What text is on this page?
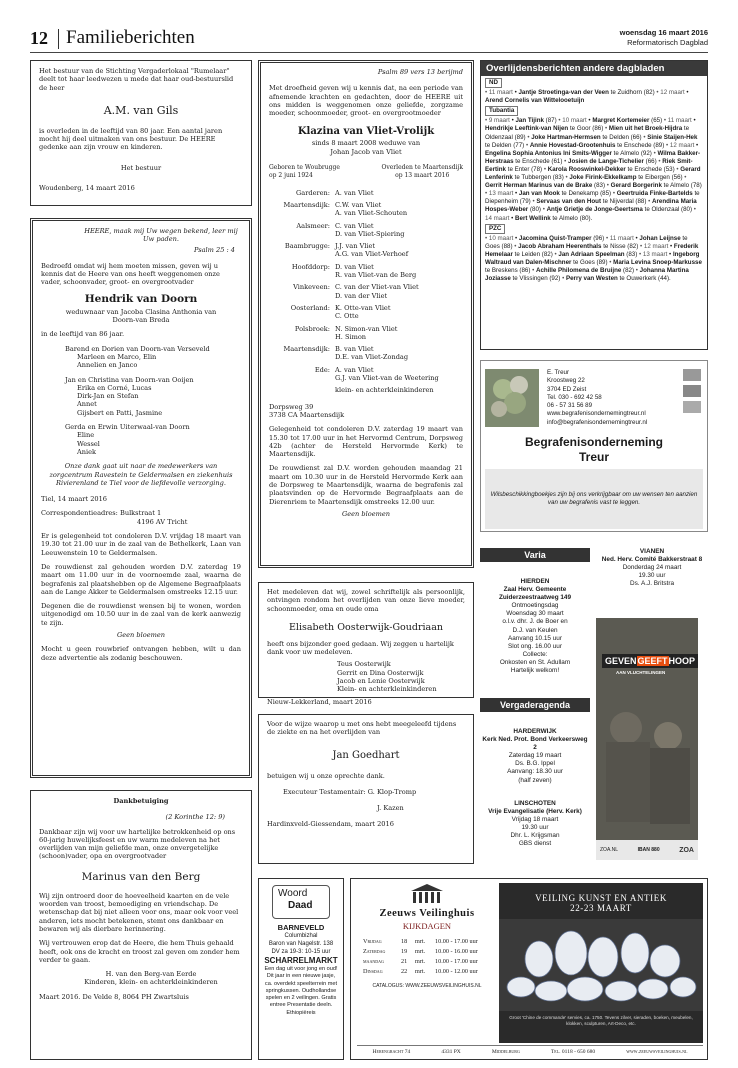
12 Familieberichten	woensdag 16 maart 2016
Reformatorisch Dagblad
Het bestuur van de Stichting Vergaderlokaal "Rumelaar" deelt tot haar leedwezen u mede dat haar oud-bestuurslid de heer
A.M. van Gils
is overleden in de leeftijd van 80 jaar. Een aantal jaren mocht hij deel uitmaken van ons bestuur. De HEERE gedenke aan zijn vrouw en kinderen.
Het bestuur
Woudenberg, 14 maart 2016
HEERE, maak mij Uw wegen bekend, leer mij Uw paden.
Psalm 25 : 4
Bedroefd omdat wij hem moeten missen, geven wij u kennis dat de Heere van ons heeft weggenomen onze vader, schoonvader, groot- en overgrootvader
Hendrik van Doorn
weduwnaar van Jacoba Clasina Anthonia van Doorn-van Breda
in de leeftijd van 86 jaar.
Barend en Dorien van Doorn-van Verseveld
Marleen en Marco, Elin
Annelien en Janco
Jan en Christina van Doorn-van Ooijen
Erika en Corné, Lucas
Dirk-Jan en Stefan
Annet
Gijsbert en Patti, Jasmine
Gerda en Erwin Uiterwaal-van Doorn
Eline
Wessel
Aniek
Onze dank gaat uit naar de medewerkers van zorgcentrum Ravestein te Geldermalsen en ziekenhuis Rivierenland te Tiel voor de liefdevolle verzorging.
Tiel, 14 maart 2016
Correspondentieadres: Bulkstraat 1
4196 AV Tricht
Er is gelegenheid tot condoleren D.V. vrijdag 18 maart van 19.30 tot 21.00 uur in de zaal van de Bethelkerk, Laan van Leeuwenstein 10 te Geldermalsen.
De rouwdienst zal gehouden worden D.V. zaterdag 19 maart om 11.00 uur in de voornoemde zaal, waarna de begrafenis zal plaatshebben op de Algemene Begraafplaats aan de Lange Akker te Geldermalsen omstreeks 12.15 uur.
Degenen die de rouwdienst wensen bij te wonen, worden uitgenodigd om 10.50 uur in de zaal van de kerk aanwezig te zijn.
Geen bloemen
Mocht u geen rouwbrief ontvangen hebben, wilt u dan deze advertentie als zodanig beschouwen.
Dankbetuiging
(2 Korinthe 12: 9)
Dankbaar zijn wij voor uw hartelijke betrokkenheid op ons 60-jarig huwelijksfeest en uw warm medeleven na het overlijden van mijn geliefde man, onze onvergetelijke (schoon)vader, opa en overgrootvader
Marinus van den Berg
Wij zijn ontroerd door de hoeveelheid kaarten en de vele woorden van troost, bemoediging en vriendschap. De wetenschap dat bij niet alleen voor ons, maar ook voor veel anderen, iets mocht betekenen, stemt ons dankbaar en bewaren wij als dierbare herinnering.
Wij vertrouwen erop dat de Heere, die hem Thuis gehaald heeft, ook ons de kracht en troost zal geven om zonder hem verder te gaan.
H. van den Berg-van Eerde
Kinderen, klein- en achterkleinkinderen
Maart 2016. De Velde 8, 8064 PH Zwartsluis
Psalm 89 vers 13 berijmd
Met droefheid geven wij u kennis dat, na een periode van afnemende krachten en gedachten, door de HEERE uit ons midden is weggenomen onze geliefde, zorgzame moeder, schoonmoeder, groot- en overgrootmoeder
Klazina van Vliet-Vrolijk
sinds 8 maart 2008 weduwe van
Johan Jacob van Vliet
Geboren te Woubrugge
op 2 juni 1924
Overleden te Maartensdijk
op 13 maart 2016
Garderen: A. van Vliet
Maartensdijk: C.W. van Vliet
A. van Vliet-Schouten
Aalsmeer: C. van Vliet
D. van Vliet-Spiering
Baambrugge: J.J. van Vliet
A.G. van Vliet-Verhoef
Hoofddorp: D. van Vliet
R. van Vliet-van de Berg
Vinkeveen: C. van der Vliet-van Vliet
D. van der Vliet
Oosterland: K. Otte-van Vliet
C. Otte
Polsbroek: N. Simon-van Vliet
H. Simon
Maartensdijk: B. van Vliet
D.E. van Vliet-Zondag
Ede: A. van Vliet
G.J. van Vliet-van de Weetering
klein- en achterkleinkinderen
Dorpsweg 39
3738 CA Maartensdijk
Gelegenheid tot condoleren D.V. zaterdag 19 maart van 15.30 tot 17.00 uur in het Hervormd Centrum, Dorpsweg 42b (achter de Hersteld Hervormde Kerk) te Maartensdijk.
De rouwdienst zal D.V. worden gehouden maandag 21 maart om 10.30 uur in de Hersteld Hervormde Kerk aan de Dorpsweg te Maartensdijk, waarna de begrafenis zal plaatsvinden op de Hervormde Begraafplaats aan de Dierenriem te Maartensdijk omstreeks 12.00 uur.
Geen bloemen
Het medeleven dat wij, zowel schriftelijk als persoonlijk, ontvingen rondom het overlijden van onze lieve moeder, schoonmoeder, oma en oude oma
Elisabeth Oosterwijk-Goudriaan
heeft ons bijzonder goed gedaan. Wij zeggen u hartelijk dank voor uw medeleven.
Teus Oosterwijk
Gerrit en Dina Oosterwijk
Jacob en Lenie Oosterwijk
Klein- en achterkleinkinderen
Nieuw-Lekkerland, maart 2016
Voor de wijze waarop u met ons hebt meegeleefd tijdens de ziekte en na het overlijden van
Jan Goedhart
betuigen wij u onze oprechte dank.
Executeur Testamentair: G. Klop-Tromp
J. Kazen
Hardinxveld-Giessendam, maart 2016
Woord
Daad
BARNEVELD
Columbizhal
Baron van Nagelstr. 138
DV za 19-3: 10-15 uur
SCHARRELMARKT
Een dag uit voor jong en oud! Dit jaar in een nieuwe jasje, ca. overdekt speelterrein met springkussen. Oudhollandse spelen en 2 veilingen. Gratis entree Presentatie deeln. Ethiopiëreis
Zeeuws Veilinghuis
KIJKDAGEN
Vrijdag	18	mrt.	10.00 - 17.00 uur
Zaterdag	19	mrt.	10.00 - 16.00 uur
maandag	21	mrt.	10.00 - 17.00 uur
Dinsdag	22	mrt.	10.00 - 12.00 uur
CATALOGUS: WWW.ZEEUWSVEILINGHUIS.NL
VEILING KUNST EN ANTIEK
22-23 MAART
Groot 'Chine de commande' servies, ca. 1750. Tevens zilver, sieraden, boeken, meubelen, klokken, sculpturen, Art-Deco, etc.
Herengracht 74	4331 PX	Middelburg	Tel. 0118 - 650 680	www.zeeuwsveilinghuis.nl
Overlijdensberichten andere dagbladen
ND
• 11 maart • Jantje Stroetinga-van der Veen te Zuidhorn (82) • 12 maart • Arend Cornelis van Wittelooetuijn
Tubantia
• 9 maart • Jan Tijink (87) • 10 maart • Margret Kortemeier (65) • 11 maart • Hendrikje Leeftink-van Nijen te Goor (86) • Mien uit het Broek-Hijdra te Oldenzaal (89) • Joke Hartman-Hermsen te Delden (66) • Sinie Staijen-Hek te Delden (77) • Annie Hovestad-Grootenhuis te Enschede (89) • 12 maart • Engelina Sophia Antonius Ini Smits-Wigger te Almelo (92) • Wilma Bakker-Herstraas te Enschede (61) • Josien de Lange-Tichelier (66) • Riek Smit-Eertink te Enter (78) • Karola Rooswinkel-Dekker te Enschede (53) • Gerard Lenferink te Tubbergen (83) • Joke Firink-Ekkelkamp te Eibergen (56) • Gerrit Herman Marinus van de Brake (83) • Gerard Borgerink te Almelo (78) • 13 maart • Jan van Mook te Denekamp (85) • Geertruida Finke-Bartelds te Diepenheim (79) • Servaas van den Hout te Nijverdal (88) • Arendina Maria Hospes-Weber (80) • Antje Grietje de Jonge-Geertsma te Oldenzaal (80) • 14 maart • Bert Wellink te Almelo (80).
PZC
• 10 maart • Jacomina Quist-Tramper (96) • 11 maart • Johan Leijnse te Goes (88) • Jacob Abraham Heerenthals te Nisse (82) • 12 maart • Frederik Hemelaar te Leiden (82) • Jan Adriaan Speelman (83) • 13 maart • Ingeborg Waltraud van Dalen-Mischner te Goes (89) • Maria Levina Snoep-Markusse te Breskens (86) • Achille Philomena de Bruijne (82) • Johanna Martina Joziasse te Vlissingen (92) • Perry van Westen te Ouwerkerk (44).
E. Treur
Kroostweg 22
3704 ED Zeist
Tel. 030 - 692 42 58
06 - 57 31 56 89
www.begrafenisondernemingtreur.nl
info@begrafenisondernemingtreur.nl
Begrafenisonderneming
Treur
Wilsbeschikkingboekjes zijn bij ons verkrijgbaar om uw wensen ten aanzien van uw begrafenis vast te leggen.
Varia
HIERDEN
Zaal Herv. Gemeente Zuiderzeestraatweg 149
Ontmoetingsdag
Woensdag 30 maart
o.l.v. dhr. J. de Boer en
D.J. van Keulen
Aanvang 10.15 uur
Slot ong. 16.00 uur
Collecte:
Onkosten en St. Adullam
Hartelijk welkom!
VIANEN
Ned. Herv. Comité Bakkerstraat 8
Donderdag 24 maart
19.30 uur
Ds. A.J. Britstra
Vergaderagenda
HARDERWIJK
Kerk Ned. Prot. Bond Verkeersweg 2
Zaterdag 19 maart
Ds. B.G. Ippel
Aanvang: 18.30 uur
(half zeven)
LINSCHOTEN
Vrije Evangelisatie (Herv. Kerk)
Vrijdag 18 maart
19.30 uur
Dhr. L. Krijgsman
GBS dienst
GEVENGEEFTHOOP
AAN VLUCHTELINGEN
ZOA.NL	IBAN 880	ZOA
